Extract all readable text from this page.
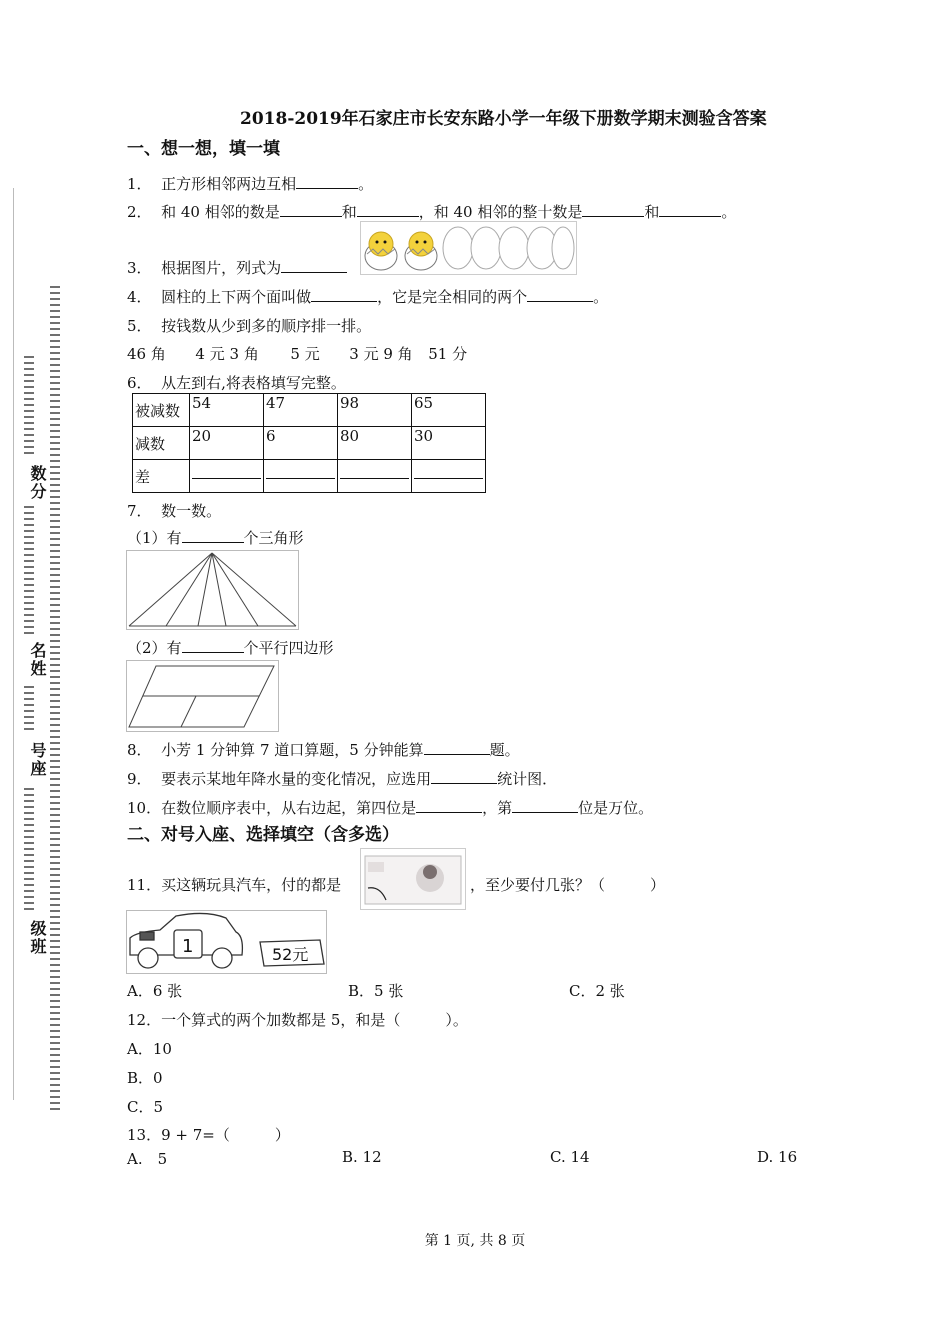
数分
名姓
号座
级班
2018-2019年石家庄市长安东路小学一年级下册数学期末测验含答案
一、想一想，填一填
1． 正方形相邻两边互相	。
2． 和 40 相邻的数是	和	，和 40 相邻的整十数是	和	。
3． 根据图片，列式为
4． 圆柱的上下两个面叫做	，它是完全相同的两个	。
5． 按钱数从少到多的顺序排一排。
46 角 4 元 3 角 5 元 3 元 9 角 51 分
6． 从左到右,将表格填写完整。
被减数	54	47	98	65
减数	20	6	80	30
差	

7． 数一数。
（1）有	个三角形
（2）有	个平行四边形
8． 小芳 1 分钟算 7 道口算题，5 分钟能算	题。
9． 要表示某地年降水量的变化情况，应选用	统计图．
10．在数位顺序表中，从右边起，第四位是	，第	位是万位。
二、对号入座、选择填空（含多选）
11．买这辆玩具汽车，付的都是	，至少要付几张？（　　　）
1	52元
A．6 张	B．5 张	C．2 张
12．一个算式的两个加数都是 5，和是（　　　）。
A．10
B．0
C．5
13．9 + 7=（　　　）
A.　5	B. 12	C. 14	D. 16
第 1 页, 共 8 页
